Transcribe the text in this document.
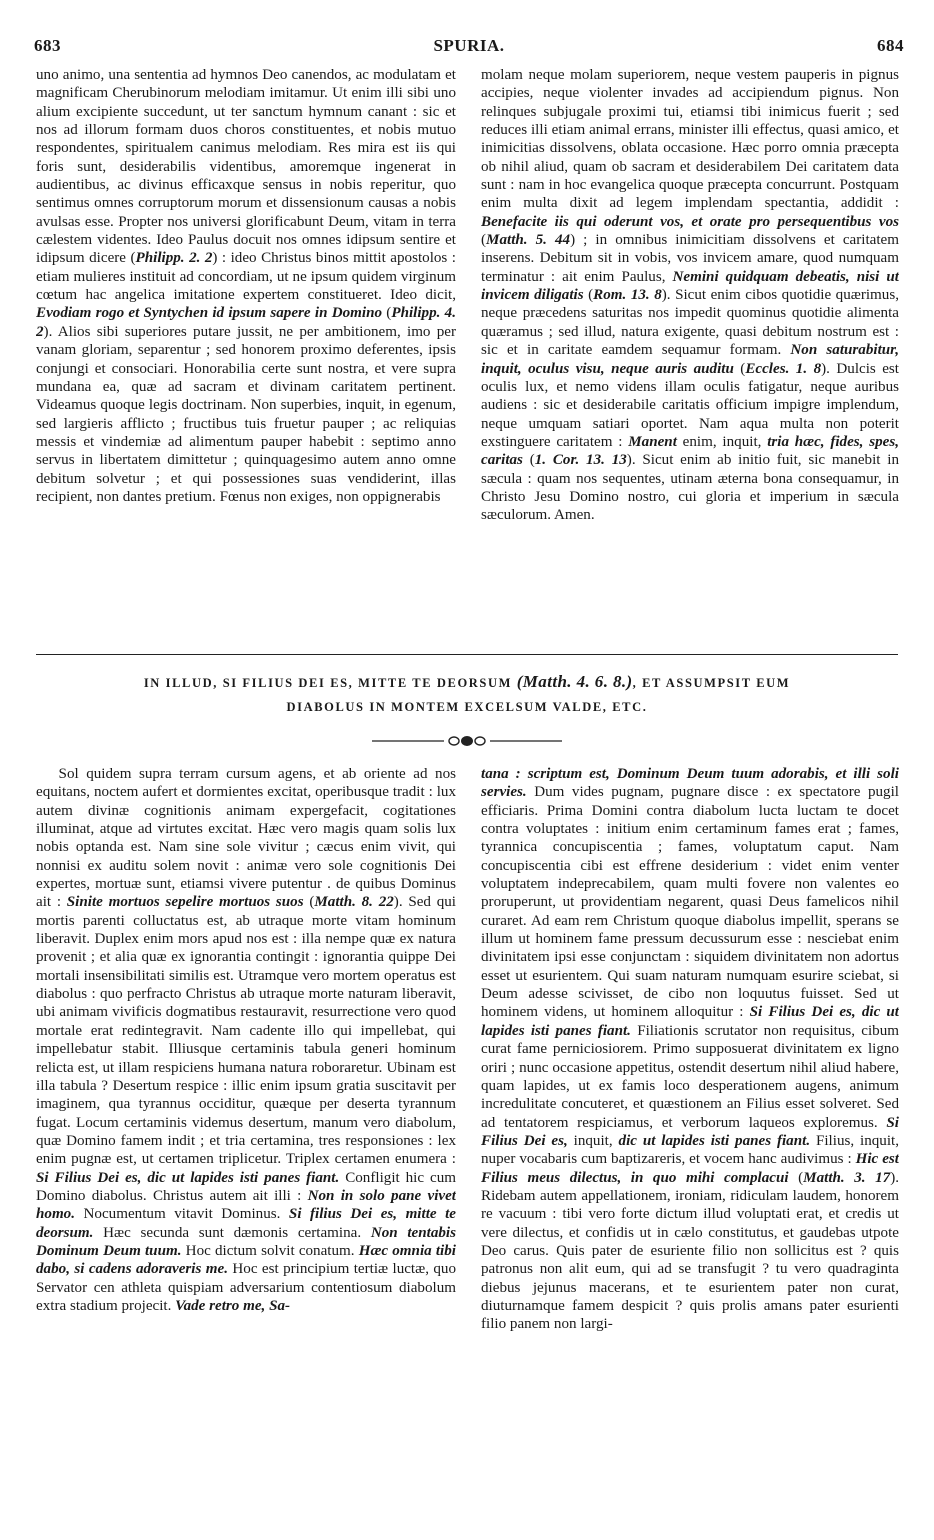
683	SPURIA.	684

uno animo, una sententia ad hymnos Deo canendos, ac modulatam et magnificam Cherubinorum melodiam imitamur. Ut enim illi sibi uno alium excipiente succedunt, ut ter sanctum hymnum canant : sic et nos ad illorum formam duos choros constituentes, et nobis mutuo respondentes, spiritualem canimus melodiam. Res mira est iis qui foris sunt, desiderabilis videntibus, amoremque ingenerat in audientibus, ac divinus efficaxque sensus in nobis reperitur, quo sentimus omnes corruptorum morum et dissensionum causas a nobis avulsas esse. Propter nos universi glorificabunt Deum, vitam in terra cælestem videntes. Ideo Paulus docuit nos omnes idipsum sentire et idipsum dicere (Philipp. 2. 2) : ideo Christus binos mittit apostolos : etiam mulieres instituit ad concordiam, ut ne ipsum quidem virginum cœtum hac angelica imitatione expertem constitueret. Ideo dicit, Evodiam rogo et Syntychen id ipsum sapere in Domino (Philipp. 4. 2). Alios sibi superiores putare jussit, ne per ambitionem, imo per vanam gloriam, separentur ; sed honorem proximo deferentes, ipsis conjungi et consociari. Honorabilia certe sunt nostra, et vere supra mundana ea, quæ ad sacram et divinam caritatem pertinent. Videamus quoque legis doctrinam. Non superbies, inquit, in egenum, sed largieris afflicto ; fructibus tuis fruetur pauper ; ac reliquias messis et vindemiæ ad alimentum pauper habebit : septimo anno servus in libertatem dimittetur ; quinquagesimo autem anno omne debitum solvetur ; et qui possessiones suas vendiderint, illas recipient, non dantes pretium. Fœnus non exiges, non oppignerabis

molam neque molam superiorem, neque vestem pauperis in pignus accipies, neque violenter invades ad accipiendum pignus. Non relinques subjugale proximi tui, etiamsi tibi inimicus fuerit ; sed reduces illi etiam animal errans, minister illi effectus, quasi amico, et inimicitias dissolvens, oblata occasione. Hæc porro omnia præcepta ob nihil aliud, quam ob sacram et desiderabilem Dei caritatem data sunt : nam in hoc evangelica quoque præcepta concurrunt. Postquam enim multa dixit ad legem implendam spectantia, addidit : Benefacite iis qui oderunt vos, et orate pro persequentibus vos (Matth. 5. 44) ; in omnibus inimicitiam dissolvens et caritatem inserens. Debitum sit in vobis, vos invicem amare, quod numquam terminatur : ait enim Paulus, Nemini quidquam debeatis, nisi ut invicem diligatis (Rom. 13. 8). Sicut enim cibos quotidie quærimus, neque præcedens saturitas nos impedit quominus quotidie alimenta quæramus ; sed illud, natura exigente, quasi debitum nostrum est : sic et in caritate eamdem sequamur formam. Non saturabitur, inquit, oculus visu, neque auris auditu (Eccles. 1. 8). Dulcis est oculis lux, et nemo videns illam oculis fatigatur, neque auribus audiens : sic et desiderabile caritatis officium impigre implendum, neque umquam satiari oportet. Nam aqua multa non poterit exstinguere caritatem : Manent enim, inquit, tria hæc, fides, spes, caritas (1. Cor. 13. 13). Sicut enim ab initio fuit, sic manebit in sæcula : quam nos sequentes, utinam æterna bona consequamur, in Christo Jesu Domino nostro, cui gloria et imperium in sæcula sæculorum. Amen.

IN ILLUD, SI FILIUS DEI ES, MITTE TE DEORSUM (Matth. 4. 6. 8.), ET ASSUMPSIT EUM
DIABOLUS IN MONTEM EXCELSUM VALDE, ETC.

Sol quidem supra terram cursum agens, et ab oriente ad nos equitans, noctem aufert et dormientes excitat, operibusque tradit : lux autem divinæ cognitionis animam expergefacit, cogitationes illuminat, atque ad virtutes excitat. Hæc vero magis quam solis lux nobis optanda est. Nam sine sole vivitur ; cæcus enim vivit, qui nonnisi ex auditu solem novit : animæ vero sole cognitionis Dei expertes, mortuæ sunt, etiamsi vivere putentur . de quibus Dominus ait : Sinite mortuos sepelire mortuos suos (Matth. 8. 22). Sed qui mortis parenti colluctatus est, ab utraque morte vitam hominum liberavit. Duplex enim mors apud nos est : illa nempe quæ ex natura provenit ; et alia quæ ex ignorantia contingit : ignorantia quippe Dei mortali insensibilitati similis est. Utramque vero mortem operatus est diabolus : quo perfracto Christus ab utraque morte naturam liberavit, ubi animam vivificis dogmatibus restauravit, resurrectione vero quod mortale erat redintegravit. Nam cadente illo qui impellebat, qui impellebatur stabit. Illiusque certaminis tabula generi hominum relicta est, ut illam respiciens humana natura roboraretur. Ubinam est illa tabula ? Desertum respice : illic enim ipsum gratia suscitavit per imaginem, qua tyrannus occiditur, quæque per deserta tyrannum fugat. Locum certaminis videmus desertum, manum vero diabolum, quæ Domino famem indit ; et tria certamina, tres responsiones : lex enim pugnæ est, ut certamen triplicetur. Triplex certamen enumera : Si Filius Dei es, dic ut lapides isti panes fiant. Confligit hic cum Domino diabolus. Christus autem ait illi : Non in solo pane vivet homo. Nocumentum vitavit Dominus. Si filius Dei es, mitte te deorsum. Hæc secunda sunt dæmonis certamina. Non tentabis Dominum Deum tuum. Hoc dictum solvit conatum. Hæc omnia tibi dabo, si cadens adoraveris me. Hoc est principium tertiæ luctæ, quo Servator cen athleta quispiam adversarium contentiosum diabolum extra stadium projecit. Vade retro me, Sa-

tana : scriptum est, Dominum Deum tuum adorabis, et illi soli servies. Dum vides pugnam, pugnare disce : ex spectatore pugil efficiaris. Prima Domini contra diabolum lucta luctam te docet contra voluptates : initium enim certaminum fames erat ; fames, tyrannica concupiscentia ; fames, voluptatum caput. Nam concupiscentia cibi est effrene desiderium : videt enim venter voluptatem indeprecabilem, quam multi fovere non valentes eo proruperunt, ut providentiam negarent, quasi Deus famelicos nihil curaret. Ad eam rem Christum quoque diabolus impellit, sperans se illum ut hominem fame pressum decussurum esse : nesciebat enim divinitatem ipsi esse conjunctam : siquidem divinitatem non adortus esset ut esurientem. Qui suam naturam numquam esurire sciebat, si Deum adesse scivisset, de cibo non loquutus fuisset. Sed ut hominem videns, ut hominem alloquitur : Si Filius Dei es, dic ut lapides isti panes fiant. Filiationis scrutator non requisitus, cibum curat fame perniciosiorem. Primo supposuerat divinitatem ex ligno oriri ; nunc occasione appetitus, ostendit desertum nihil aliud habere, quam lapides, ut ex famis loco desperationem augens, animum incredulitate concuteret, et quæstionem an Filius esset solveret. Sed ad tentatorem respiciamus, et verborum laqueos exploremus. Si Filius Dei es, inquit, dic ut lapides isti panes fiant. Filius, inquit, nuper vocabaris cum baptizareris, et vocem hanc audivimus : Hic est Filius meus dilectus, in quo mihi complacui (Matth. 3. 17). Ridebam autem appellationem, ironiam, ridiculam laudem, honorem re vacuum : tibi vero forte dictum illud voluptati erat, et credis ut vere dilectus, et confidis ut in cælo constitutus, et gaudebas utpote Deo carus. Quis pater de esuriente filio non sollicitus est ? quis patronus non alit eum, qui ad se transfugit ? tu vero quadraginta diebus jejunus macerans, et te esurientem pater non curat, diuturnamque famem despicit ? quis prolis amans pater esurienti filio panem non largi-
